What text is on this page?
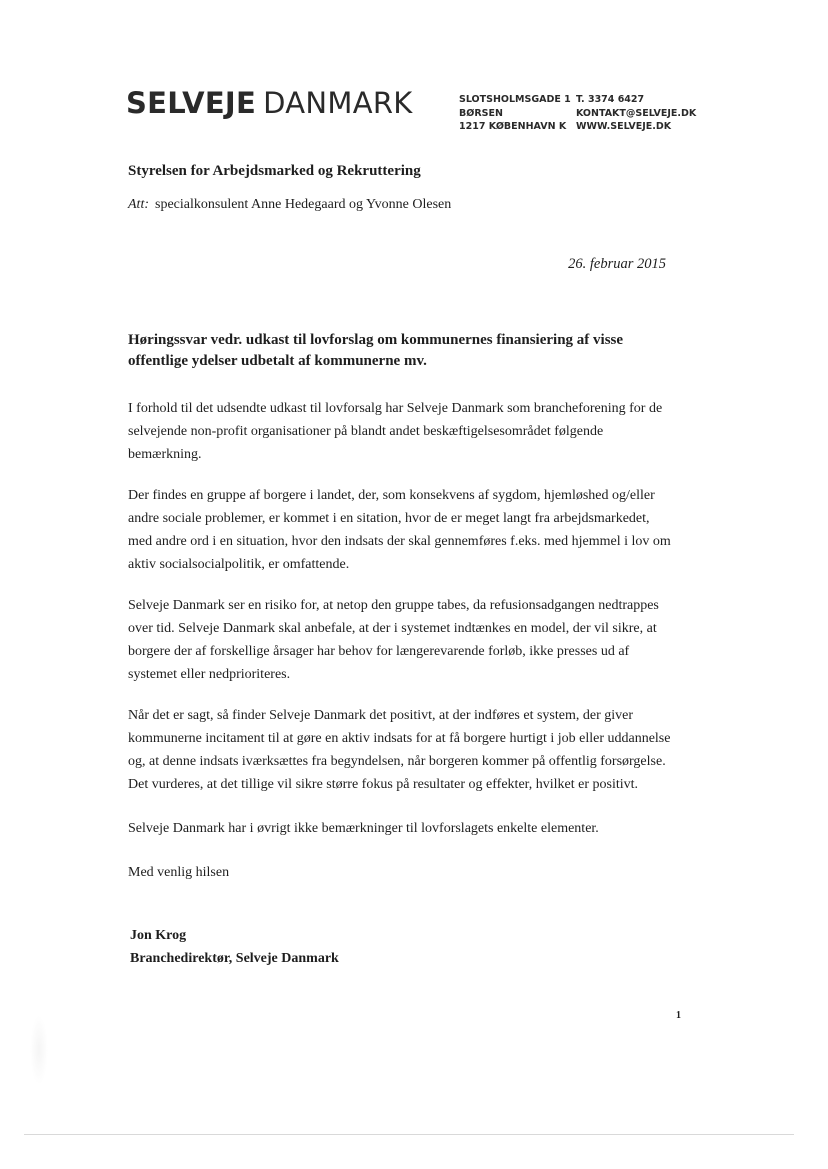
SELVEJE DANMARK	SLOTSHOLMSGADE 1
BØRSEN
1217 KØBENHAVN K
T. 3374 6427
KONTAKT@SELVEJE.DK
WWW.SELVEJE.DK
Styrelsen for Arbejdsmarked og Rekruttering
Att: specialkonsulent Anne Hedegaard og Yvonne Olesen
26. februar 2015

Høringssvar vedr. udkast til lovforslag om kommunernes finansiering af visse offentlige ydelser udbetalt af kommunerne mv.

I forhold til det udsendte udkast til lovforsalg har Selveje Danmark som brancheforening for de
selvejende non-profit organisationer på blandt andet beskæftigelsesområdet følgende
bemærkning.

Der findes en gruppe af borgere i landet, der, som konsekvens af sygdom, hjemløshed og/eller
andre sociale problemer, er kommet i en sitation, hvor de er meget langt fra arbejdsmarkedet,
med andre ord i en situation, hvor den indsats der skal gennemføres f.eks. med hjemmel i lov om
aktiv socialsocialpolitik, er omfattende.

Selveje Danmark ser en risiko for, at netop den gruppe tabes, da refusionsadgangen nedtrappes
over tid. Selveje Danmark skal anbefale, at der i systemet indtænkes en model, der vil sikre, at
borgere der af forskellige årsager har behov for længerevarende forløb, ikke presses ud af
systemet eller nedprioriteres.

Når det er sagt, så finder Selveje Danmark det positivt, at der indføres et system, der giver
kommunerne incitament til at gøre en aktiv indsats for at få borgere hurtigt i job eller uddannelse
og, at denne indsats iværksættes fra begyndelsen, når borgeren kommer på offentlig forsørgelse.
Det vurderes, at det tillige vil sikre større fokus på resultater og effekter, hvilket er positivt.

Selveje Danmark har i øvrigt ikke bemærkninger til lovforslagets enkelte elementer.

Med venlig hilsen

Jon Krog
Branchedirektør, Selveje Danmark
1
